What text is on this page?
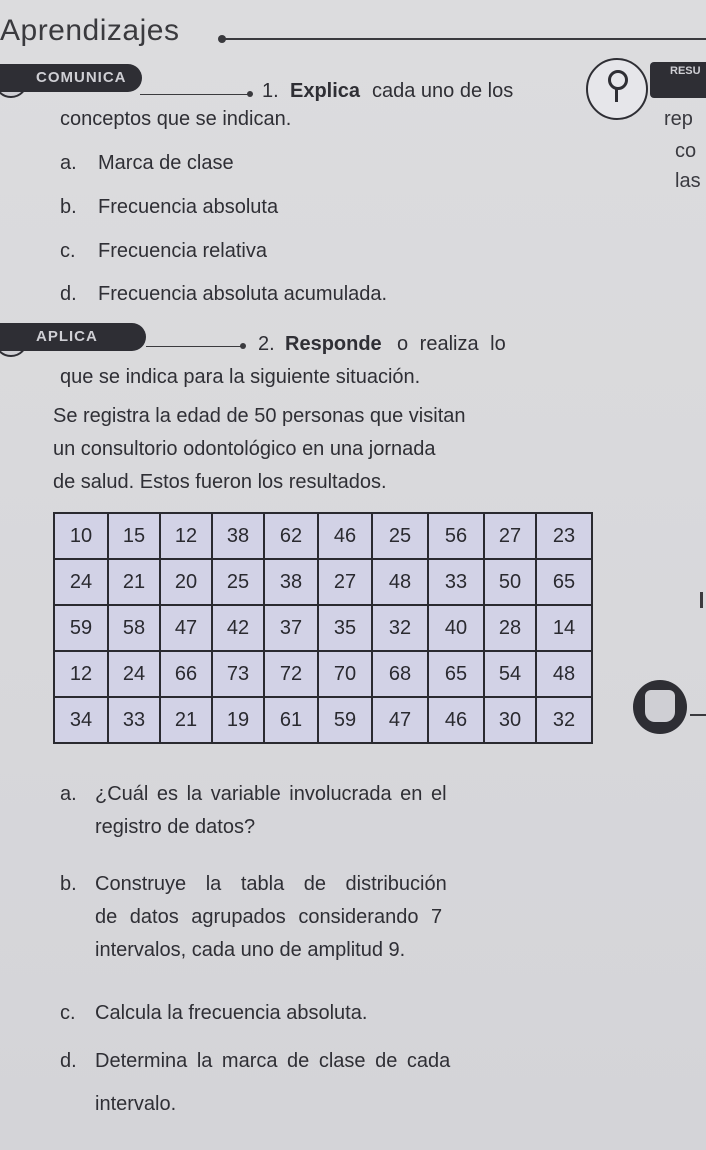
Aprendizajes
COMUNICA
1. Explica cada uno de los
conceptos que se indican.
a. Marca de clase
b. Frecuencia absoluta
c. Frecuencia relativa
d. Frecuencia absoluta acumulada.
RESU
rep
co
las
APLICA	2. Responde o realiza lo
que se indica para la siguiente situación.
Se registra la edad de 50 personas que visitan
un consultorio odontológico en una jornada
de salud. Estos fueron los resultados.
10	15	12	38	62	46	25	56	27	23
24	21	20	25	38	27	48	33	50	65
59	58	47	42	37	35	32	40	28	14
12	24	66	73	72	70	68	65	54	48
34	33	21	19	61	59	47	46	30	32
a. ¿Cuál es la variable involucrada en el
registro de datos?
b. Construye la tabla de distribución
de datos agrupados considerando 7
intervalos, cada uno de amplitud 9.
c. Calcula la frecuencia absoluta.
d. Determina la marca de clase de cada
intervalo.
